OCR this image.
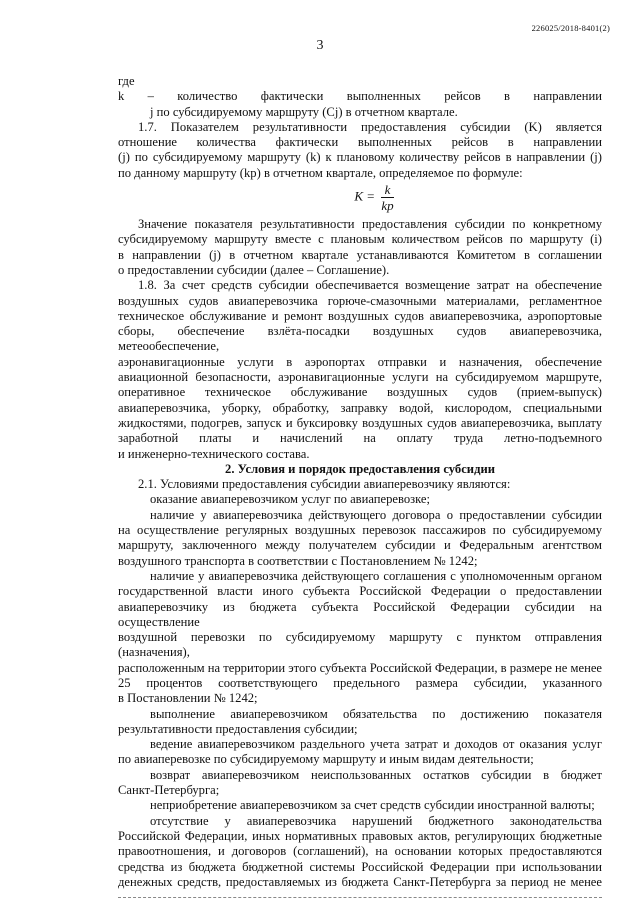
226025/2018-8401(2)
3

где

k – количество фактически выполненных рейсов в направлении

j по субсидируемому маршруту (Cj) в отчетном квартале.

1.7. Показателем результативности предоставления субсидии (K) является

отношение количества фактически выполненных рейсов в направлении

(j) по субсидируемому маршруту (k) к плановому количеству рейсов в направлении (j)

по данному маршруту (kp) в отчетном квартале, определяемое по формуле:

$K = \frac{k}{kp}$

Значение показателя результативности предоставления субсидии по конкретному

субсидируемому маршруту вместе с плановым количеством рейсов по маршруту (i)

в направлении (j) в отчетном квартале устанавливаются Комитетом в соглашении

о предоставлении субсидии (далее – Соглашение).

1.8. За счет средств субсидии обеспечивается возмещение затрат на обеспечение

воздушных судов авиаперевозчика горюче-смазочными материалами, регламентное

техническое обслуживание и ремонт воздушных судов авиаперевозчика, аэропортовые

сборы, обеспечение взлёта-посадки воздушных судов авиаперевозчика, метеообеспечение,

аэронавигационные услуги в аэропортах отправки и назначения, обеспечение

авиационной безопасности, аэронавигационные услуги на субсидируемом маршруте,

оперативное техническое обслуживание воздушных судов (прием-выпуск)

авиаперевозчика, уборку, обработку, заправку водой, кислородом, специальными

жидкостями, подогрев, запуск и буксировку воздушных судов авиаперевозчика, выплату

заработной платы и начислений на оплату труда летно-подъемного

и инженерно-технического состава.

2. Условия и порядок предоставления субсидии

2.1. Условиями предоставления субсидии авиаперевозчику являются:

оказание авиаперевозчиком услуг по авиаперевозке;

наличие у авиаперевозчика действующего договора о предоставлении субсидии

на осуществление регулярных воздушных перевозок пассажиров по субсидируемому

маршруту, заключенного между получателем субсидии и Федеральным агентством

воздушного транспорта в соответствии с Постановлением № 1242;

наличие у авиаперевозчика действующего соглашения с уполномоченным органом

государственной власти иного субъекта Российской Федерации о предоставлении

авиаперевозчику из бюджета субъекта Российской Федерации субсидии на осуществление

воздушной перевозки по субсидируемому маршруту с пунктом отправления (назначения),

расположенным на территории этого субъекта Российской Федерации, в размере не менее

25 процентов соответствующего предельного размера субсидии, указанного

в Постановлении № 1242;

выполнение авиаперевозчиком обязательства по достижению показателя

результативности предоставления субсидии;

ведение авиаперевозчиком раздельного учета затрат и доходов от оказания услуг

по авиаперевозке по субсидируемому маршруту и иным видам деятельности;

возврат авиаперевозчиком неиспользованных остатков субсидии в бюджет

Санкт-Петербурга;

неприобретение авиаперевозчиком за счет средств субсидии иностранной валюты;

отсутствие у авиаперевозчика нарушений бюджетного законодательства

Российской Федерации, иных нормативных правовых актов, регулирующих бюджетные

правоотношения, и договоров (соглашений), на основании которых предоставляются

средства из бюджета бюджетной системы Российской Федерации при использовании

денежных средств, предоставляемых из бюджета Санкт-Петербурга за период не менее
